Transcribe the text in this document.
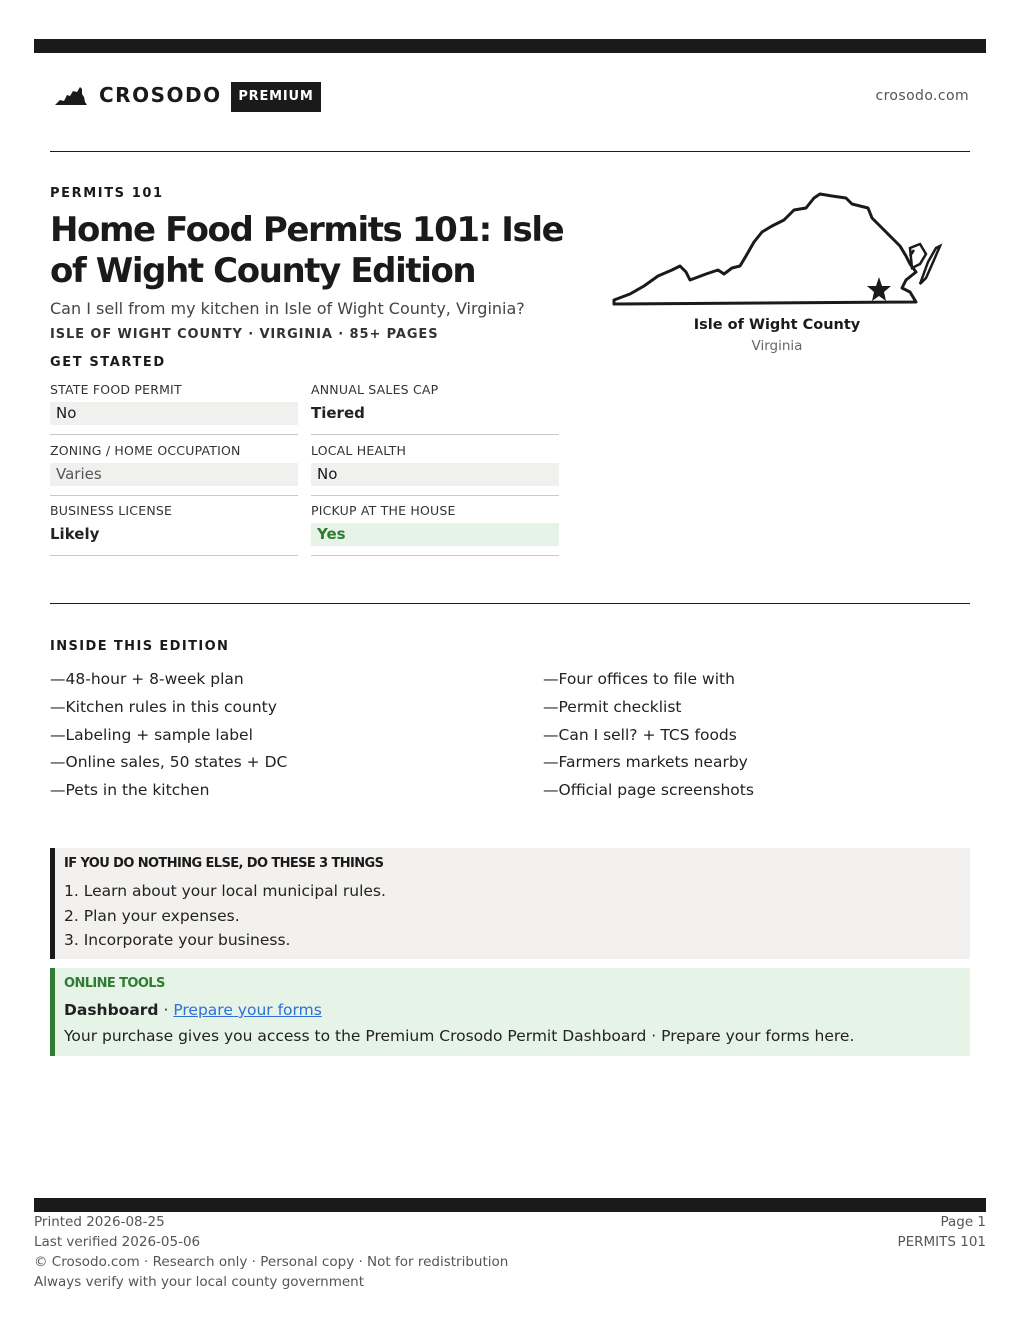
CROSODO	PREMIUM	crosodo.com
PERMITS 101
Home Food Permits 101: Isle of Wight County Edition
Can I sell from my kitchen in Isle of Wight County, Virginia?
ISLE OF WIGHT COUNTY · VIRGINIA · 85+ PAGES
Isle of Wight County
Virginia
GET STARTED
STATE FOOD PERMIT
No
ANNUAL SALES CAP
Tiered
ZONING / HOME OCCUPATION
Varies
LOCAL HEALTH
No
BUSINESS LICENSE
Likely
PICKUP AT THE HOUSE
Yes
INSIDE THIS EDITION
—48-hour + 8-week plan
—Kitchen rules in this county
—Labeling + sample label
—Online sales, 50 states + DC
—Pets in the kitchen
—Four offices to file with
—Permit checklist
—Can I sell? + TCS foods
—Farmers markets nearby
—Official page screenshots
IF YOU DO NOTHING ELSE, DO THESE 3 THINGS
1. Learn about your local municipal rules.
2. Plan your expenses.
3. Incorporate your business.
ONLINE TOOLS
Dashboard · Prepare your forms
Your purchase gives you access to the Premium Crosodo Permit Dashboard · Prepare your forms here.
Printed 2026-08-25
Last verified 2026-05-06
© Crosodo.com · Research only · Personal copy · Not for redistribution
Always verify with your local county government
Page 1
PERMITS 101
